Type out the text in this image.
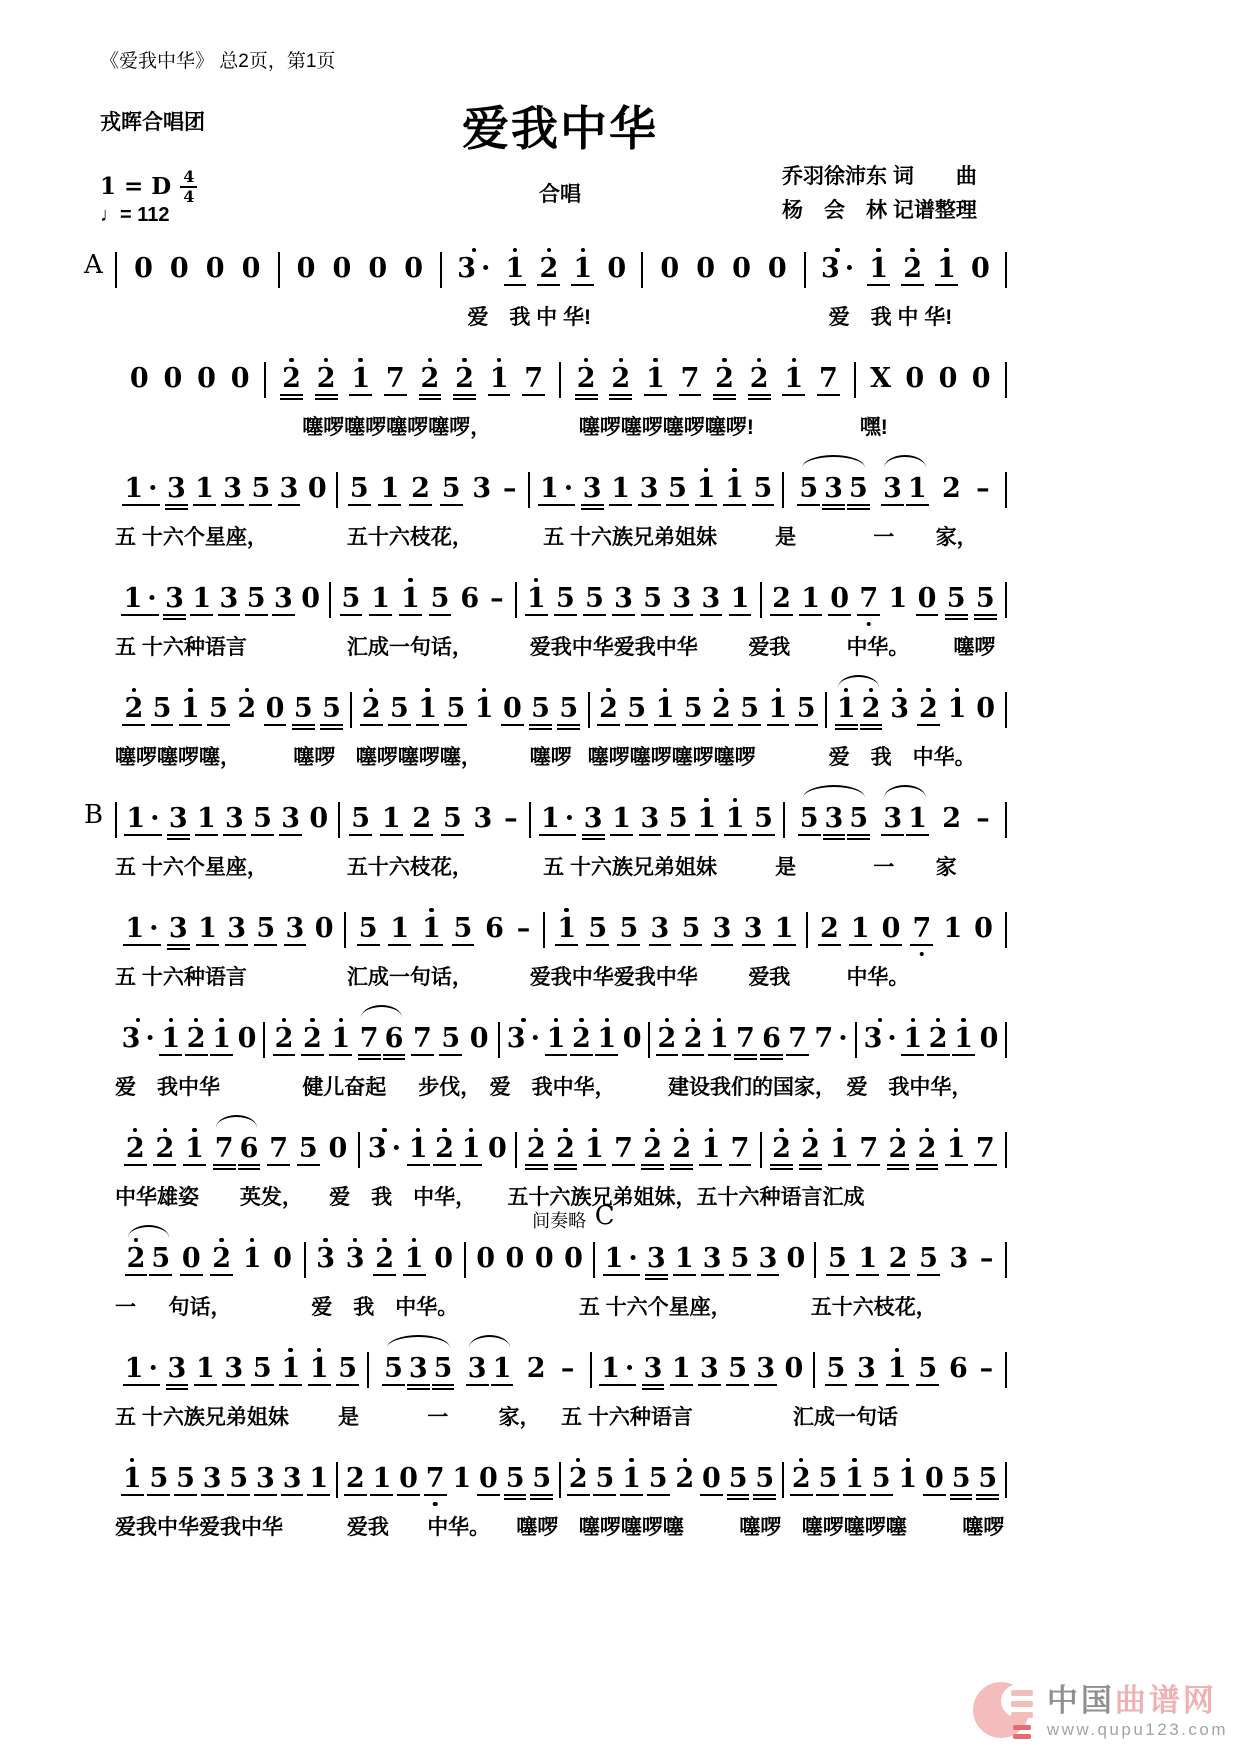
《爱我中华》 总2页，第1页
戎晖合唱团	爱我中华
合唱
乔羽徐沛东 词　　曲
杨　会　林 记谱整理
1 = D $\frac{4}{4}$
♩= 112
A 0 0 0 0 0 0 0 0 3 · 1 2 1 0 0 0 0 0 3 · 1 2 1 0
爱　我 中 华!	爱　我 中 华!
0 0 0 0 2 2 1 7 2 2 1 7 2 2 1 7 2 2 1 7 X 0 0 0
噻啰噻啰噻啰噻啰，	噻啰噻啰噻啰噻啰!	嘿!
1 · 3 1 3 5 3 0 5 1 2 5 3 – 1 · 3 1 3 5 1 1 5 5 3 5 3 1 2 –
五 十六个星座，	五十六枝花，	五 十六族兄弟姐妹	是	一 家，
1 · 3 1 3 5 3 0 5 1 1 5 6 – 1 5 5 3 5 3 3 1 2 1 0 7 1 0 5 5
五 十六种语言	汇成一句话，	爱我中华爱我中华 爱我	中华。 噻啰
2 5 1 5 2 0 5 5 2 5 1 5 1 0 5 5 2 5 1 5 2 5 1 5 1 2 3 2 1 0
噻啰噻啰噻， 噻啰 噻啰噻啰噻， 噻啰 噻啰噻啰噻啰噻啰	爱　我　中华。
B 1 · 3 1 3 5 3 0 5 1 2 5 3 – 1 · 3 1 3 5 1 1 5 5 3 5 3 1 2 –
五 十六个星座，	五十六枝花，	五 十六族兄弟姐妹	是	一 家
1 · 3 1 3 5 3 0 5 1 1 5 6 – 1 5 5 3 5 3 3 1 2 1 0 7 1 0
五 十六种语言	汇成一句话，	爱我中华爱我中华 爱我	中华。
3 · 1 2 1 0 2 2 1 7 6 7 5 0 3 · 1 2 1 0 2 2 1 7 6 7 7 · 3 · 1 2 1 0
爱　我中华	健儿奋起 步伐， 爱　我中华， 建设我们的国家， 爱　我中华，
2 2 1 7 6 7 5 0 3 · 1 2 1 0 2 2 1 7 2 2 1 7 2 2 1 7 2 2 1 7
中华雄姿 英发， 爱　我　中华， 五十六族兄弟姐妹，五十六种语言汇成
2 5 0 2 1 0 3 3 2 1 0 0 0 0 0
间奏略 C
1 · 3 1 3 5 3 0 5 1 2 5 3 –
一 句话，	爱　我　中华。	五 十六个星座，	五十六枝花，
1 · 3 1 3 5 1 1 5 5 3 5 3 1 2 – 1 · 3 1 3 5 3 0 5 3 1 5 6 –
五 十六族兄弟姐妹 是	一 家， 五 十六种语言	汇成一句话
1 5 5 3 5 3 3 1 2 1 0 7 1 0 5 5 2 5 1 5 2 0 5 5 2 5 1 5 1 0 5 5
爱我中华爱我中华	爱我 中华。 噻啰 噻啰噻啰噻	噻啰 噻啰噻啰噻	噻啰
中国曲谱网
www.qupu123.com
